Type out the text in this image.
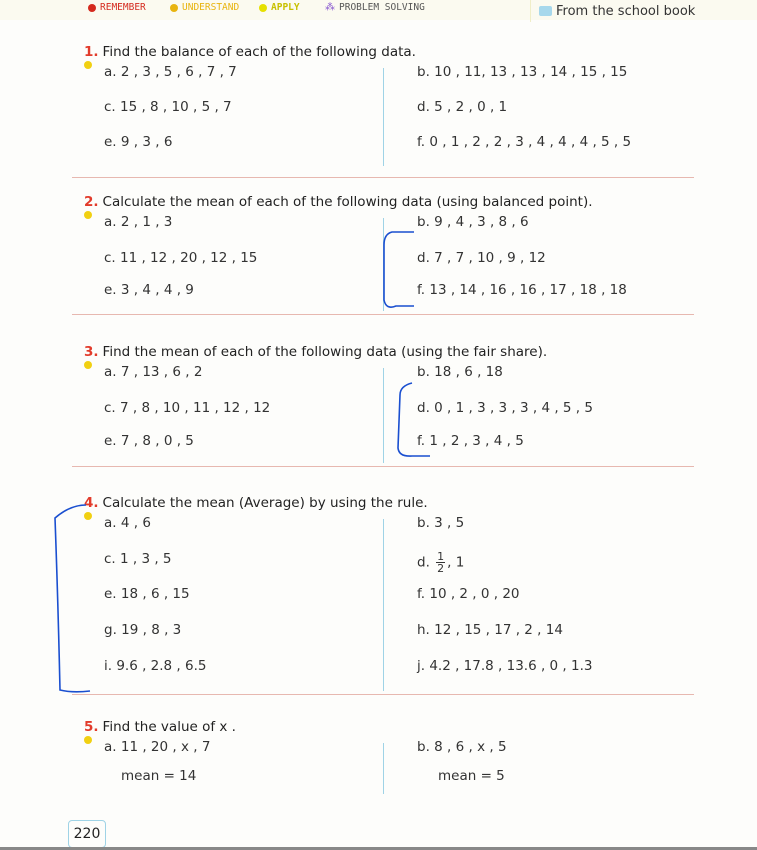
REMEMBER	UNDERSTAND	APPLY	⁂ PROBLEM SOLVING	From the school book
1. Find the balance of each of the following data.
a. 2 , 3 , 5 , 6 , 7 , 7	b. 10 , 11, 13 , 13 , 14 , 15 , 15
c. 15 , 8 , 10 , 5 , 7	d. 5 , 2 , 0 , 1
e. 9 , 3 , 6	f. 0 , 1 , 2 , 2 , 3 , 4 , 4 , 4 , 5 , 5
2. Calculate the mean of each of the following data (using balanced point).
a. 2 , 1 , 3	b. 9 , 4 , 3 , 8 , 6
c. 11 , 12 , 20 , 12 , 15	d. 7 , 7 , 10 , 9 , 12
e. 3 , 4 , 4 , 9	f. 13 , 14 , 16 , 16 , 17 , 18 , 18
3. Find the mean of each of the following data (using the fair share).
a. 7 , 13 , 6 , 2	b. 18 , 6 , 18
c. 7 , 8 , 10 , 11 , 12 , 12	d. 0 , 1 , 3 , 3 , 3 , 4 , 5 , 5
e. 7 , 8 , 0 , 5	f. 1 , 2 , 3 , 4 , 5
4. Calculate the mean (Average) by using the rule.
a. 4 , 6	b. 3 , 5
c. 1 , 3 , 5	d. $\frac{1}{2}$ , 1
e. 18 , 6 , 15	f. 10 , 2 , 0 , 20
g. 19 , 8 , 3	h. 12 , 15 , 17 , 2 , 14
i. 9.6 , 2.8 , 6.5	j. 4.2 , 17.8 , 13.6 , 0 , 1.3
5. Find the value of x .
a. 11 , 20 , x , 7	b. 8 , 6 , x , 5
mean = 14	mean = 5
220
